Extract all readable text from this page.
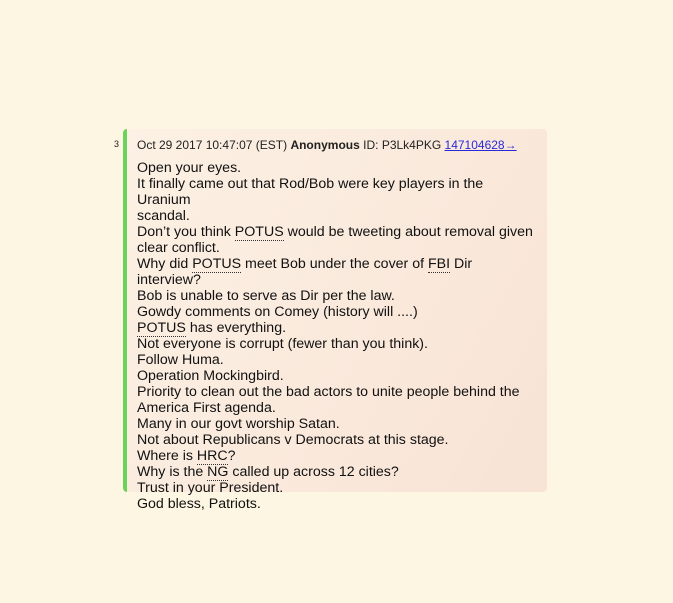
3 Oct 29 2017 10:47:07 (EST) Anonymous ID: P3Lk4PKG 147104628→
Open your eyes.
It finally came out that Rod/Bob were key players in the Uranium
scandal.
Don’t you think POTUS would be tweeting about removal given
clear conflict.
Why did POTUS meet Bob under the cover of FBI Dir interview?
Bob is unable to serve as Dir per the law.
Gowdy comments on Comey (history will ....)
POTUS has everything.
Not everyone is corrupt (fewer than you think).
Follow Huma.
Operation Mockingbird.
Priority to clean out the bad actors to unite people behind the
America First agenda.
Many in our govt worship Satan.
Not about Republicans v Democrats at this stage.
Where is HRC?
Why is the NG called up across 12 cities?
Trust in your President.
God bless, Patriots.
